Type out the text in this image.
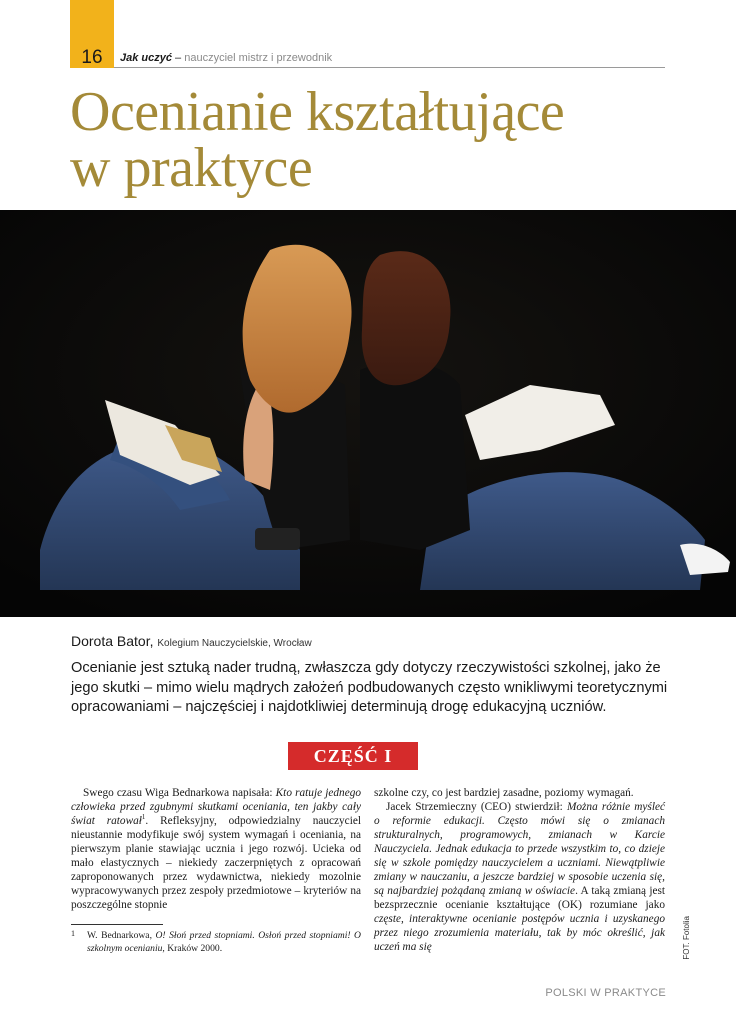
16	Jak uczyć – nauczyciel mistrz i przewodnik
Ocenianie kształtujące
w praktyce
Dorota Bator, Kolegium Nauczycielskie, Wrocław

Ocenianie jest sztuką nader trudną, zwłaszcza gdy dotyczy rzeczywistości szkolnej, jako że jego skutki – mimo wielu mądrych założeń podbudowanych często wnikliwymi teoretycznymi opracowaniami – najczęściej i najdotkliwiej determinują drogę edukacyjną uczniów.

CZĘŚĆ I

Swego czasu Wiga Bednarkowa napisała: Kto ratuje jednego człowieka przed zgubnymi skutkami oceniania, ten jakby cały świat ratował$^1$. Refleksyjny, odpowiedzialny nauczyciel nieustannie modyfikuje swój system wymagań i oceniania, na pierwszym planie stawiając ucznia i jego rozwój. Ucieka od mało elastycznych – niekiedy zaczerpniętych z opracowań zaproponowanych przez wydawnictwa, niekiedy mozolnie wypracowywanych przez zespoły przedmiotowe – kryteriów na poszczególne stopnie

1	W. Bednarkowa, O! Słoń przed stopniami. Osłoń przed stopniami! O szkolnym ocenianiu, Kraków 2000.

szkolne czy, co jest bardziej zasadne, poziomy wymagań.

Jacek Strzemieczny (CEO) stwierdził: Można różnie myśleć o reformie edukacji. Często mówi się o zmianach strukturalnych, programowych, zmianach w Karcie Nauczyciela. Jednak edukacja to przede wszystkim to, co dzieje się w szkole pomiędzy nauczycielem a uczniami. Niewątpliwie zmiany w nauczaniu, a jeszcze bardziej w sposobie uczenia się, są najbardziej pożądaną zmianą w oświacie. A taką zmianą jest bezsprzecznie ocenianie kształtujące (OK) rozumiane jako częste, interaktywne ocenianie postępów ucznia i uzyskanego przez niego zrozumienia materiału, tak by móc określić, jak uczeń ma się	FOT. Fotolia
POLSKI W PRAKTYCE
